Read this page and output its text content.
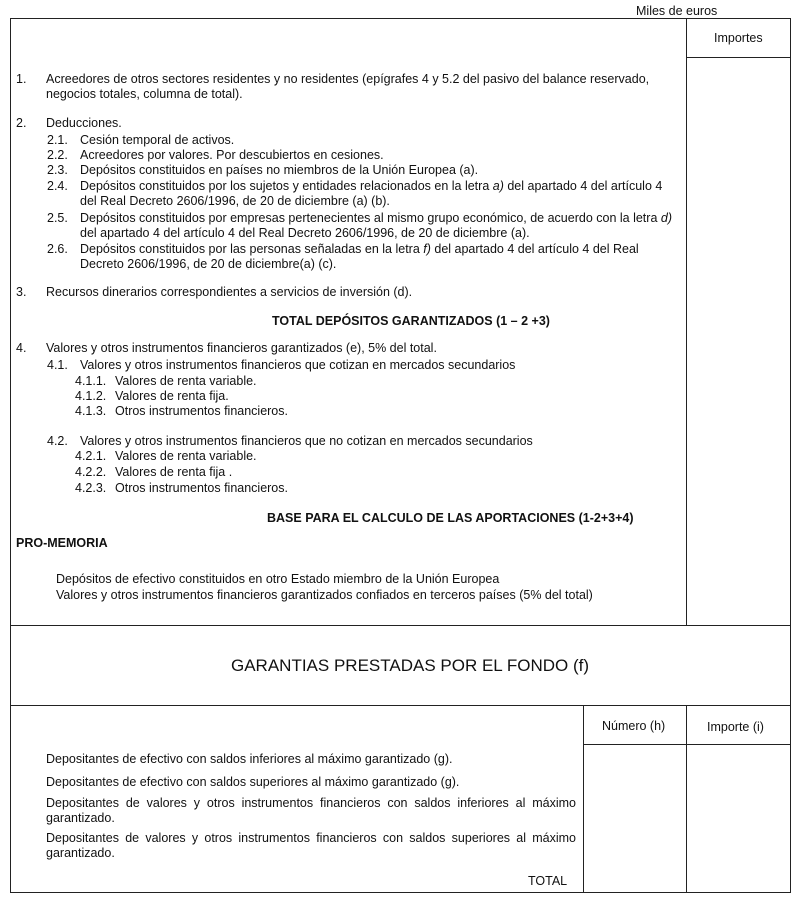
Miles de euros
Importes
1. Acreedores de otros sectores residentes y no residentes (epígrafes 4 y 5.2 del pasivo del balance reservado, negocios totales, columna de total).
2. Deducciones.
2.1. Cesión temporal de activos.
2.2. Acreedores por valores. Por descubiertos en cesiones.
2.3. Depósitos constituidos en países no miembros de la Unión Europea (a).
2.4. Depósitos constituidos por los sujetos y entidades relacionados en la letra a) del apartado 4 del artículo 4 del Real Decreto 2606/1996, de 20 de diciembre (a) (b).
2.5. Depósitos constituidos por empresas pertenecientes al mismo grupo económico, de acuerdo con la letra d) del apartado 4 del artículo 4 del Real Decreto 2606/1996, de 20 de diciembre (a).
2.6. Depósitos constituidos por las personas señaladas en la letra f) del apartado 4 del artículo 4 del Real Decreto 2606/1996, de 20 de diciembre(a) (c).
3. Recursos dinerarios correspondientes a servicios de inversión (d).
TOTAL DEPÓSITOS GARANTIZADOS (1 – 2 +3)
4. Valores y otros instrumentos financieros garantizados (e), 5% del total.
4.1. Valores y otros instrumentos financieros que cotizan en mercados secundarios
4.1.1. Valores de renta variable.
4.1.2. Valores de renta fija.
4.1.3. Otros instrumentos financieros.
4.2. Valores y otros instrumentos financieros que no cotizan en mercados secundarios
4.2.1. Valores de renta variable.
4.2.2. Valores de renta fija .
4.2.3. Otros instrumentos financieros.
BASE PARA EL CALCULO DE LAS APORTACIONES (1-2+3+4)
PRO-MEMORIA
Depósitos de efectivo constituidos en otro Estado miembro de la Unión Europea
Valores y otros instrumentos financieros garantizados confiados en terceros países (5% del total)
GARANTIAS PRESTADAS POR EL FONDO (f)
Número (h)	Importe (i)
Depositantes de efectivo con saldos inferiores al máximo garantizado (g).
Depositantes de efectivo con saldos superiores al máximo garantizado (g).
Depositantes de valores y otros instrumentos financieros con saldos inferiores al máximo garantizado.
Depositantes de valores y otros instrumentos financieros con saldos superiores al máximo garantizado.
TOTAL
